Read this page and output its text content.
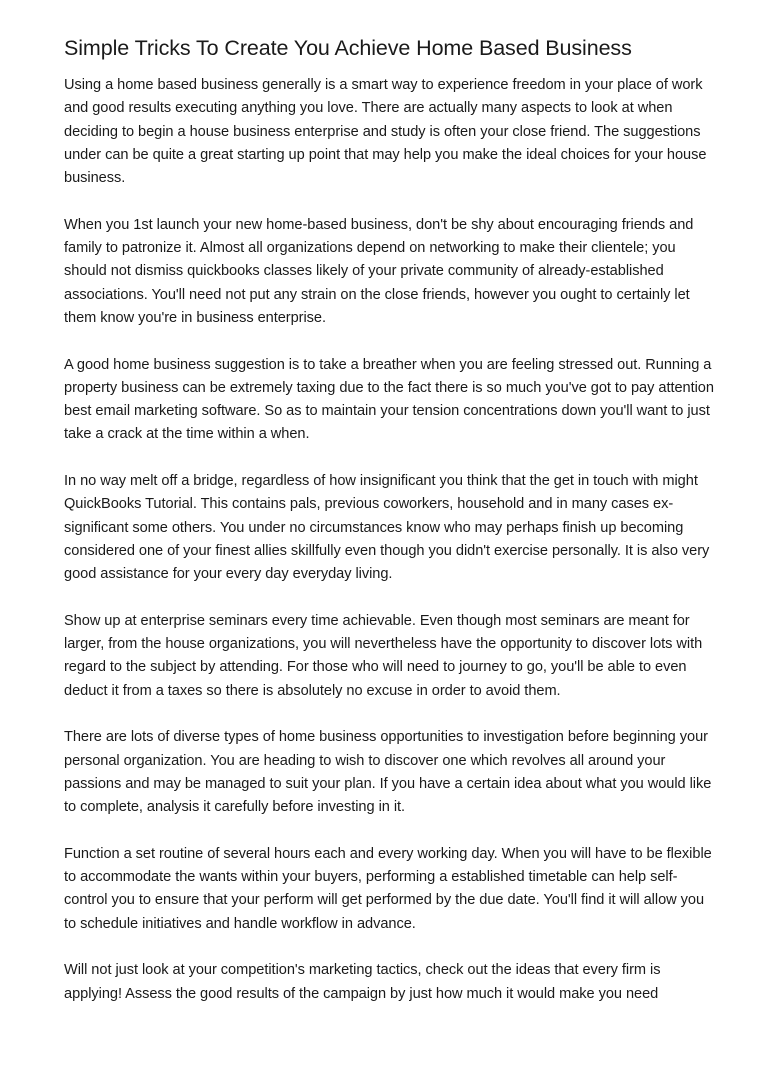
Simple Tricks To Create You Achieve Home Based Business

Using a home based business generally is a smart way to experience freedom in your place of work and good results executing anything you love. There are actually many aspects to look at when deciding to begin a house business enterprise and study is often your close friend. The suggestions under can be quite a great starting up point that may help you make the ideal choices for your house business.

When you 1st launch your new home-based business, don't be shy about encouraging friends and family to patronize it. Almost all organizations depend on networking to make their clientele; you should not dismiss quickbooks classes likely of your private community of already-established associations. You'll need not put any strain on the close friends, however you ought to certainly let them know you're in business enterprise.

A good home business suggestion is to take a breather when you are feeling stressed out. Running a property business can be extremely taxing due to the fact there is so much you've got to pay attention best email marketing software. So as to maintain your tension concentrations down you'll want to just take a crack at the time within a when.

In no way melt off a bridge, regardless of how insignificant you think that the get in touch with might QuickBooks Tutorial. This contains pals, previous coworkers, household and in many cases ex-significant some others. You under no circumstances know who may perhaps finish up becoming considered one of your finest allies skillfully even though you didn't exercise personally. It is also very good assistance for your every day everyday living.

Show up at enterprise seminars every time achievable. Even though most seminars are meant for larger, from the house organizations, you will nevertheless have the opportunity to discover lots with regard to the subject by attending. For those who will need to journey to go, you'll be able to even deduct it from a taxes so there is absolutely no excuse in order to avoid them.

There are lots of diverse types of home business opportunities to investigation before beginning your personal organization. You are heading to wish to discover one which revolves all around your passions and may be managed to suit your plan. If you have a certain idea about what you would like to complete, analysis it carefully before investing in it.

Function a set routine of several hours each and every working day. When you will have to be flexible to accommodate the wants within your buyers, performing a established timetable can help self-control you to ensure that your perform will get performed by the due date. You'll find it will allow you to schedule initiatives and handle workflow in advance.

Will not just look at your competition's marketing tactics, check out the ideas that every firm is applying! Assess the good results of the campaign by just how much it would make you need
